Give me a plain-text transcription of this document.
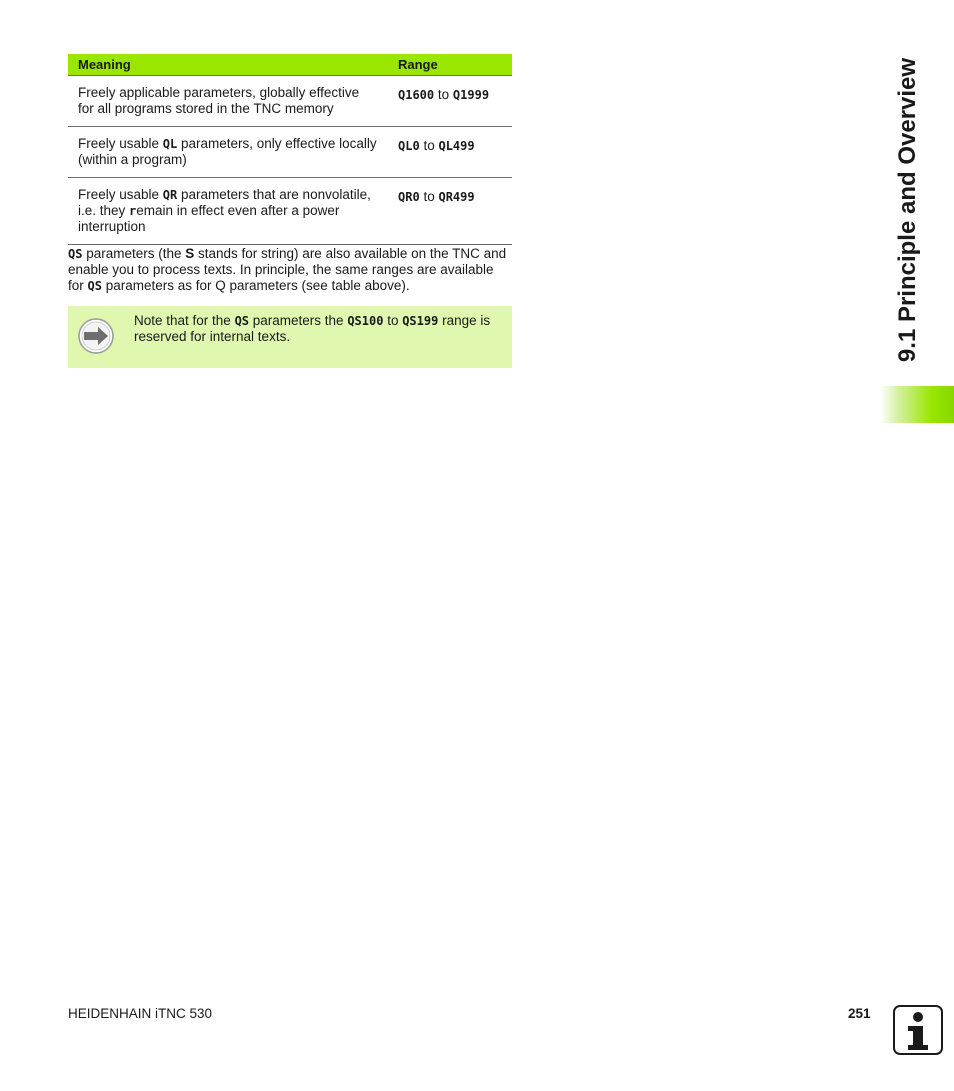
Meaning	Range
Freely applicable parameters, globally effective for all programs stored in the TNC memory	Q1600 to Q1999
Freely usable QL parameters, only effective locally (within a program)	QL0 to QL499
Freely usable QR parameters that are nonvolatile, i.e. they remain in effect even after a power interruption	QR0 to QR499
QS parameters (the S stands for string) are also available on the TNC and enable you to process texts. In principle, the same ranges are available for QS parameters as for Q parameters (see table above).
Note that for the QS parameters the QS100 to QS199 range is reserved for internal texts.	9.1 Principle and Overview
HEIDENHAIN iTNC 530	251
